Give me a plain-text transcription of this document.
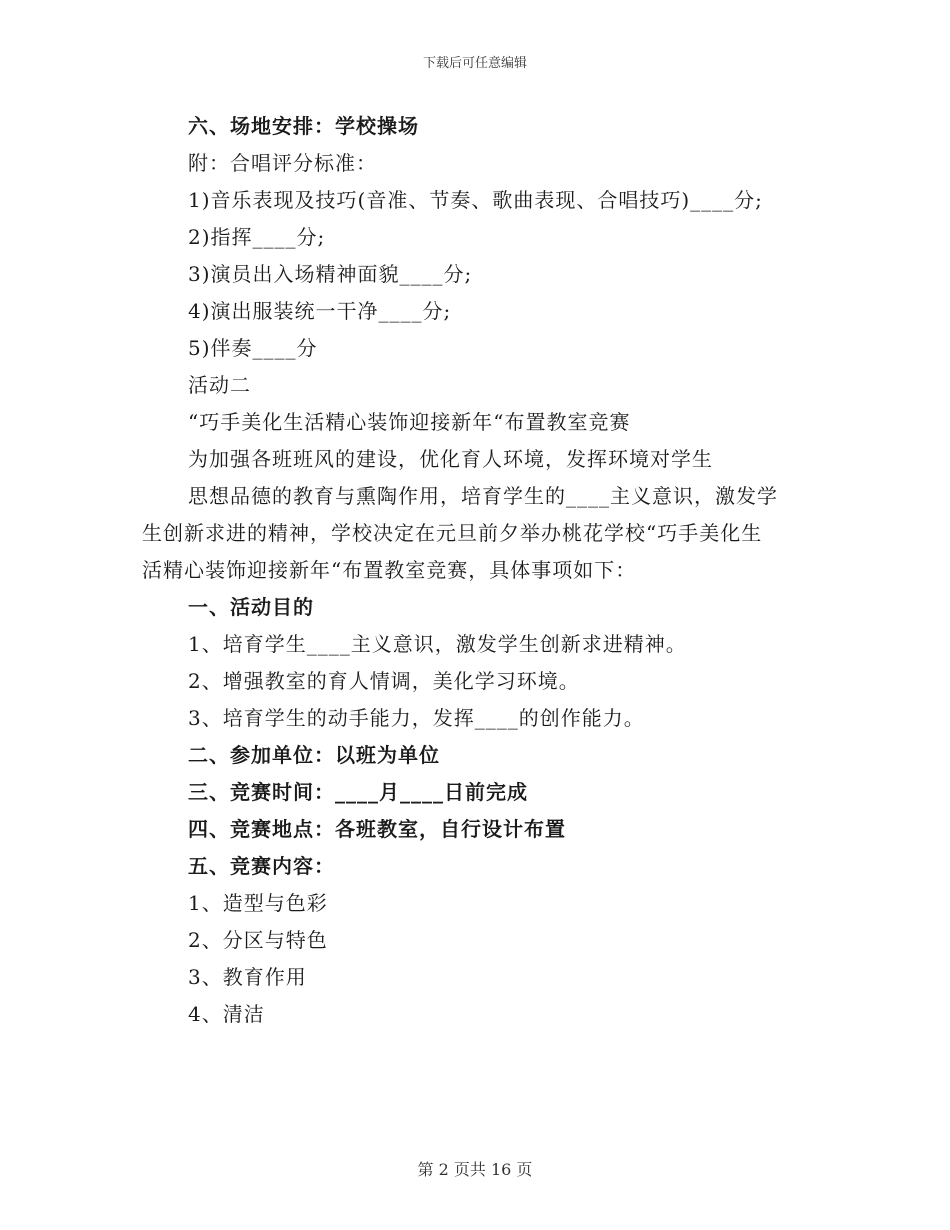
下载后可任意编辑
六、场地安排：学校操场
附：合唱评分标准：
1)音乐表现及技巧(音准、节奏、歌曲表现、合唱技巧)____分;
2)指挥____分;
3)演员出入场精神面貌____分;
4)演出服装统一干净____分;
5)伴奏____分
活动二
“巧手美化生活精心装饰迎接新年“布置教室竞赛
为加强各班班风的建设，优化育人环境，发挥环境对学生
思想品德的教育与熏陶作用，培育学生的____主义意识，激发学
生创新求进的精神，学校决定在元旦前夕举办桃花学校“巧手美化生
活精心装饰迎接新年“布置教室竞赛，具体事项如下：
一、活动目的
1、培育学生____主义意识，激发学生创新求进精神。
2、增强教室的育人情调，美化学习环境。
3、培育学生的动手能力，发挥____的创作能力。
二、参加单位：以班为单位
三、竞赛时间：____月____日前完成
四、竞赛地点：各班教室，自行设计布置
五、竞赛内容：
1、造型与色彩
2、分区与特色
3、教育作用
4、清洁
第 2 页共 16 页
